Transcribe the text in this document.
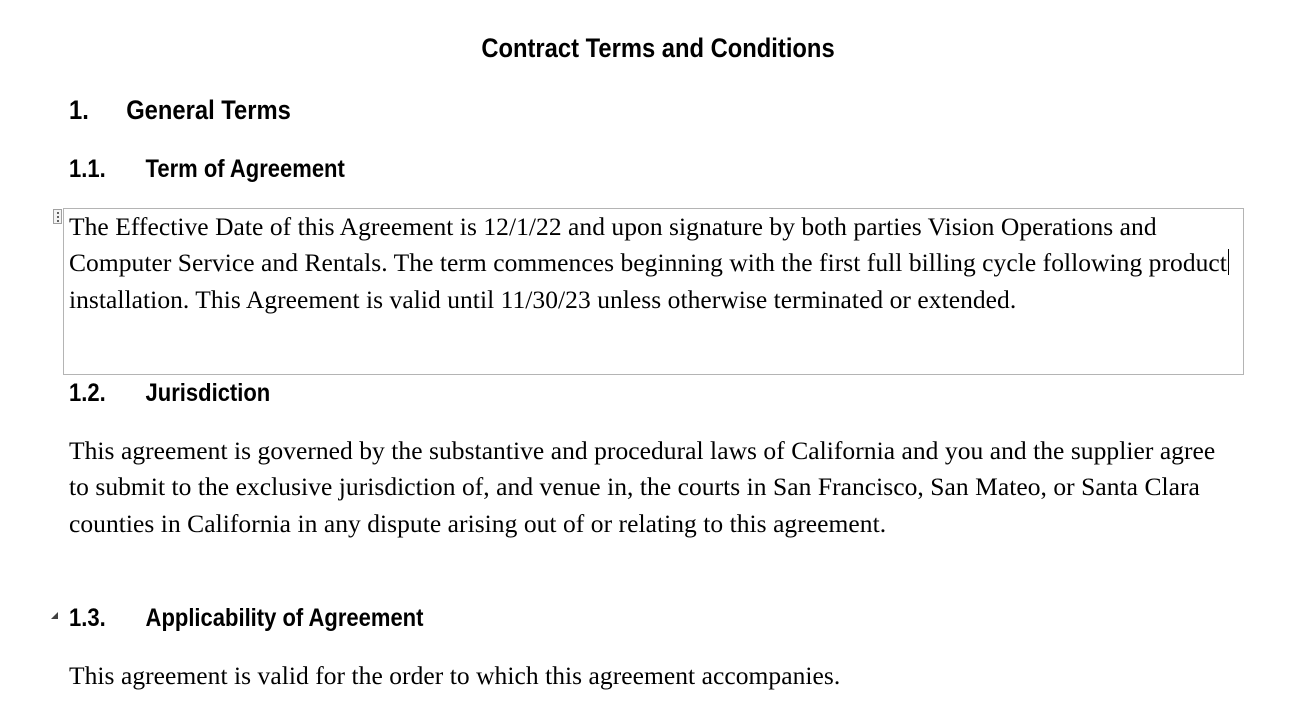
Contract Terms and Conditions
1. General Terms
1.1. Term of Agreement

The Effective Date of this Agreement is 12/1/22 and upon signature by both parties Vision Operations and Computer Service and Rentals. The term commences beginning with the first full billing cycle following product installation. This Agreement is valid until 11/30/23 unless otherwise terminated or extended.

1.2. Jurisdiction

This agreement is governed by the substantive and procedural laws of California and you and the supplier agree to submit to the exclusive jurisdiction of, and venue in, the courts in San Francisco, San Mateo, or Santa Clara counties in California in any dispute arising out of or relating to this agreement.

1.3. Applicability of Agreement

This agreement is valid for the order to which this agreement accompanies.
